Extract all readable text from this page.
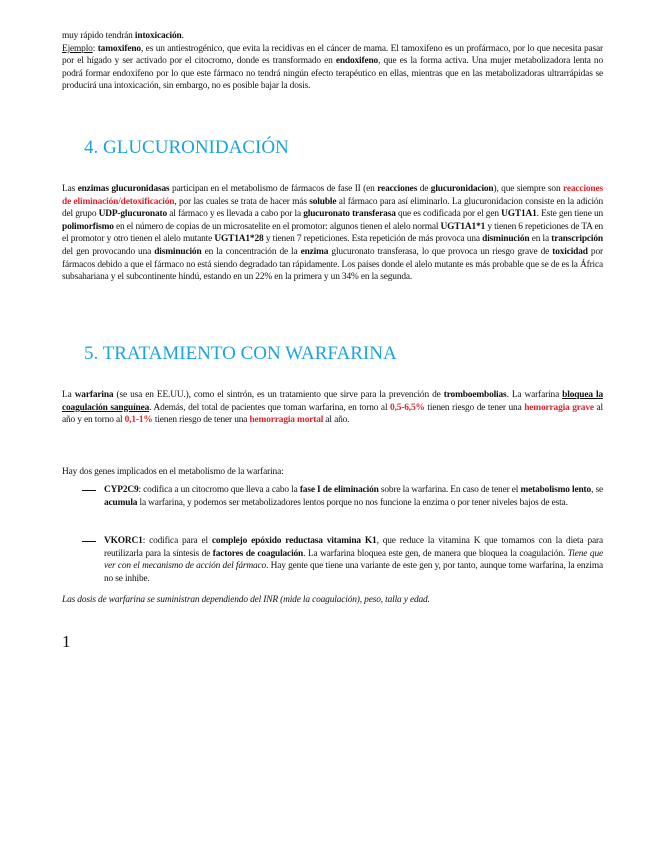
muy rápido tendrán intoxicación.
Ejemplo: tamoxifeno, es un antiestrogénico, que evita la recidivas en el cáncer de mama. El tamoxifeno es un profármaco, por lo que necesita pasar por el hígado y ser activado por el citocromo, donde es transformado en endoxifeno, que es la forma activa. Una mujer metabolizadora lenta no podrá formar endoxifeno por lo que este fármaco no tendrá ningún efecto terapéutico en ellas, mientras que en las metabolizadoras ultrarrápidas se producirá una intoxicación, sin embargo, no es posible bajar la dosis.

4. GLUCURONIDACIÓN

Las enzimas glucuronidasas participan en el metabolismo de fármacos de fase II (en reacciones de glucuronidacion), que siempre son reacciones de eliminación/detoxificación, por las cuales se trata de hacer más soluble al fármaco para así eliminarlo. La glucuronidacion consiste en la adición del grupo UDP-glucuronato al fármaco y es llevada a cabo por la glucuronato transferasa que es codificada por el gen UGT1A1. Este gen tiene un polimorfismo en el número de copias de un microsatelite en el promotor: algunos tienen el alelo normal UGT1A1*1 y tienen 6 repeticiones de TA en el promotor y otro tienen el alelo mutante UGT1A1*28 y tienen 7 repeticiones. Esta repetición de más provoca una disminución en la transcripción del gen provocando una disminución en la concentración de la enzima glucuronato transferasa, lo que provoca un riesgo grave de toxicidad por fármacos debido a que el fármaco no está siendo degradado tan rápidamente. Los países donde el alelo mutante es más probable que se de es la África subsahariana y el subcontinente hindú, estando en un 22% en la primera y un 34% en la segunda.

5. TRATAMIENTO CON WARFARINA

La warfarina (se usa en EE.UU.), como el sintrón, es un tratamiento que sirve para la prevención de tromboembolias. La warfarina bloquea la coagulación sanguínea. Además, del total de pacientes que toman warfarina, en torno al 0,5-6,5% tienen riesgo de tener una hemorragia grave al año y en torno al 0,1-1% tienen riesgo de tener una hemorragia mortal al año.

Hay dos genes implicados en el metabolismo de la warfarina:

CYP2C9: codifica a un citocromo que lleva a cabo la fase I de eliminación sobre la warfarina. En caso de tener el metabolismo lento, se acumula la warfarina, y podemos ser metabolizadores lentos porque no nos funcione la enzima o por tener niveles bajos de esta.

VKORC1: codifica para el complejo epóxido reductasa vitamina K1, que reduce la vitamina K que tomamos con la dieta para reutilizarla para la síntesis de factores de coagulación. La warfarina bloquea este gen, de manera que bloquea la coagulación. Tiene que ver con el mecanismo de acción del fármaco. Hay gente que tiene una variante de este gen y, por tanto, aunque tome warfarina, la enzima no se inhibe.

Las dosis de warfarina se suministran dependiendo del INR (mide la coagulación), peso, talla y edad.

1
